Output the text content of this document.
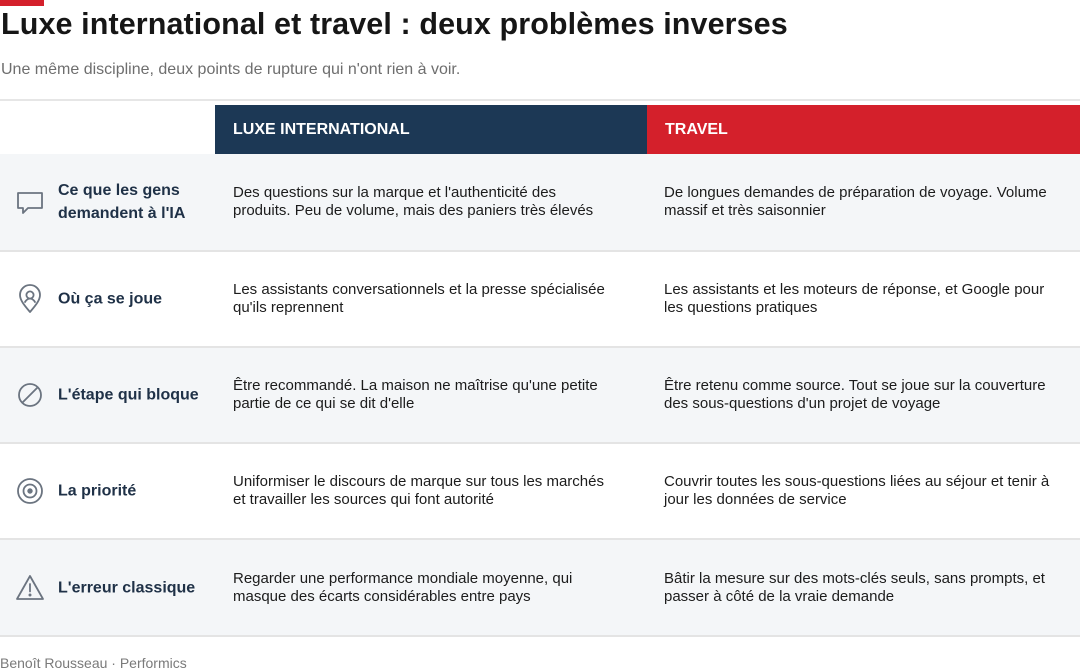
Luxe international et travel : deux problèmes inverses

Une même discipline, deux points de rupture qui n'ont rien à voir.

LUXE INTERNATIONAL	TRAVEL
Ce que les gens demandent à l'IA
Des questions sur la marque et l'authenticité des produits. Peu de volume, mais des paniers très élevés
De longues demandes de préparation de voyage. Volume massif et très saisonnier
Où ça se joue
Les assistants conversationnels et la presse spécialisée qu'ils reprennent
Les assistants et les moteurs de réponse, et Google pour les questions pratiques
L'étape qui bloque
Être recommandé. La maison ne maîtrise qu'une petite partie de ce qui se dit d'elle
Être retenu comme source. Tout se joue sur la couverture des sous-questions d'un projet de voyage
La priorité
Uniformiser le discours de marque sur tous les marchés et travailler les sources qui font autorité
Couvrir toutes les sous-questions liées au séjour et tenir à jour les données de service
L'erreur classique
Regarder une performance mondiale moyenne, qui masque des écarts considérables entre pays
Bâtir la mesure sur des mots-clés seuls, sans prompts, et passer à côté de la vraie demande
Benoît Rousseau · Performics
